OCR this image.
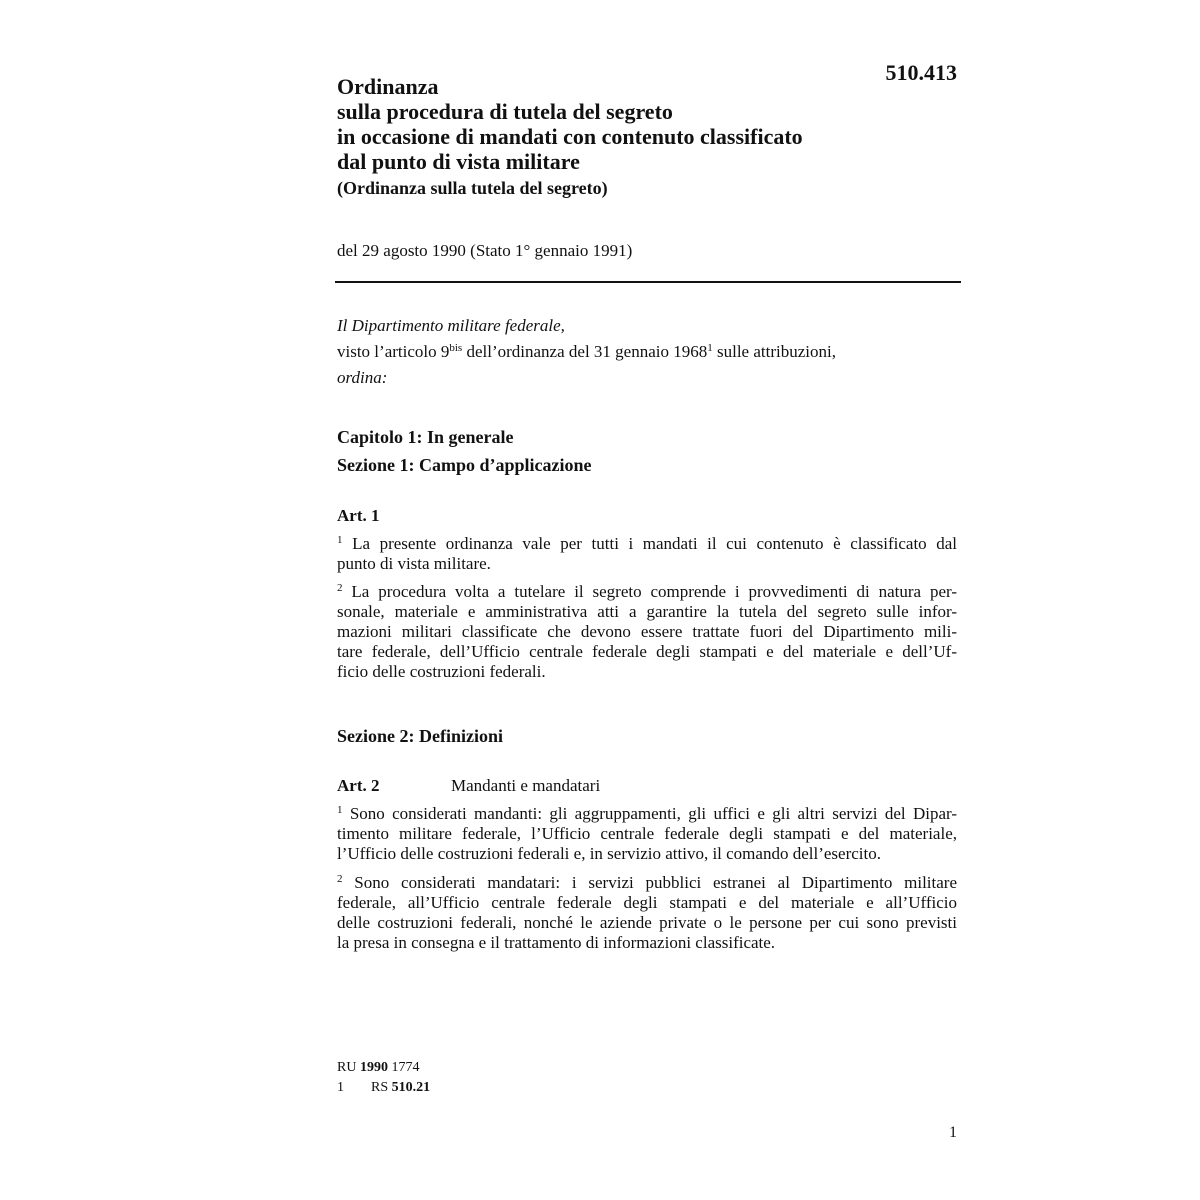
510.413
Ordinanza
sulla procedura di tutela del segreto
in occasione di mandati con contenuto classificato
dal punto di vista militare
(Ordinanza sulla tutela del segreto)
del 29 agosto 1990 (Stato 1° gennaio 1991)
Il Dipartimento militare federale,
visto l’articolo $9^{bis}$ dell’ordinanza del 31 gennaio 1968$^1$ sulle attribuzioni,
ordina:
Capitolo 1: In generale
Sezione 1: Campo d’applicazione
Art. 1
$^1$ La presente ordinanza vale per tutti i mandati il cui contenuto è classificato dal
punto di vista militare.
$^2$ La procedura volta a tutelare il segreto comprende i provvedimenti di natura per-
sonale, materiale e amministrativa atti a garantire la tutela del segreto sulle infor-
mazioni militari classificate che devono essere trattate fuori del Dipartimento mili-
tare federale, dell’Ufficio centrale federale degli stampati e del materiale e dell’Uf-
ficio delle costruzioni federali.
Sezione 2: Definizioni
Art. 2	Mandanti e mandatari
$^1$ Sono considerati mandanti: gli aggruppamenti, gli uffici e gli altri servizi del Dipar-
timento militare federale, l’Ufficio centrale federale degli stampati e del materiale,
l’Ufficio delle costruzioni federali e, in servizio attivo, il comando dell’esercito.
$^2$ Sono considerati mandatari: i servizi pubblici estranei al Dipartimento militare
federale, all’Ufficio centrale federale degli stampati e del materiale e all’Ufficio
delle costruzioni federali, nonché le aziende private o le persone per cui sono previsti
la presa in consegna e il trattamento di informazioni classificate.
RU 1990 1774
1 RS 510.21
1
